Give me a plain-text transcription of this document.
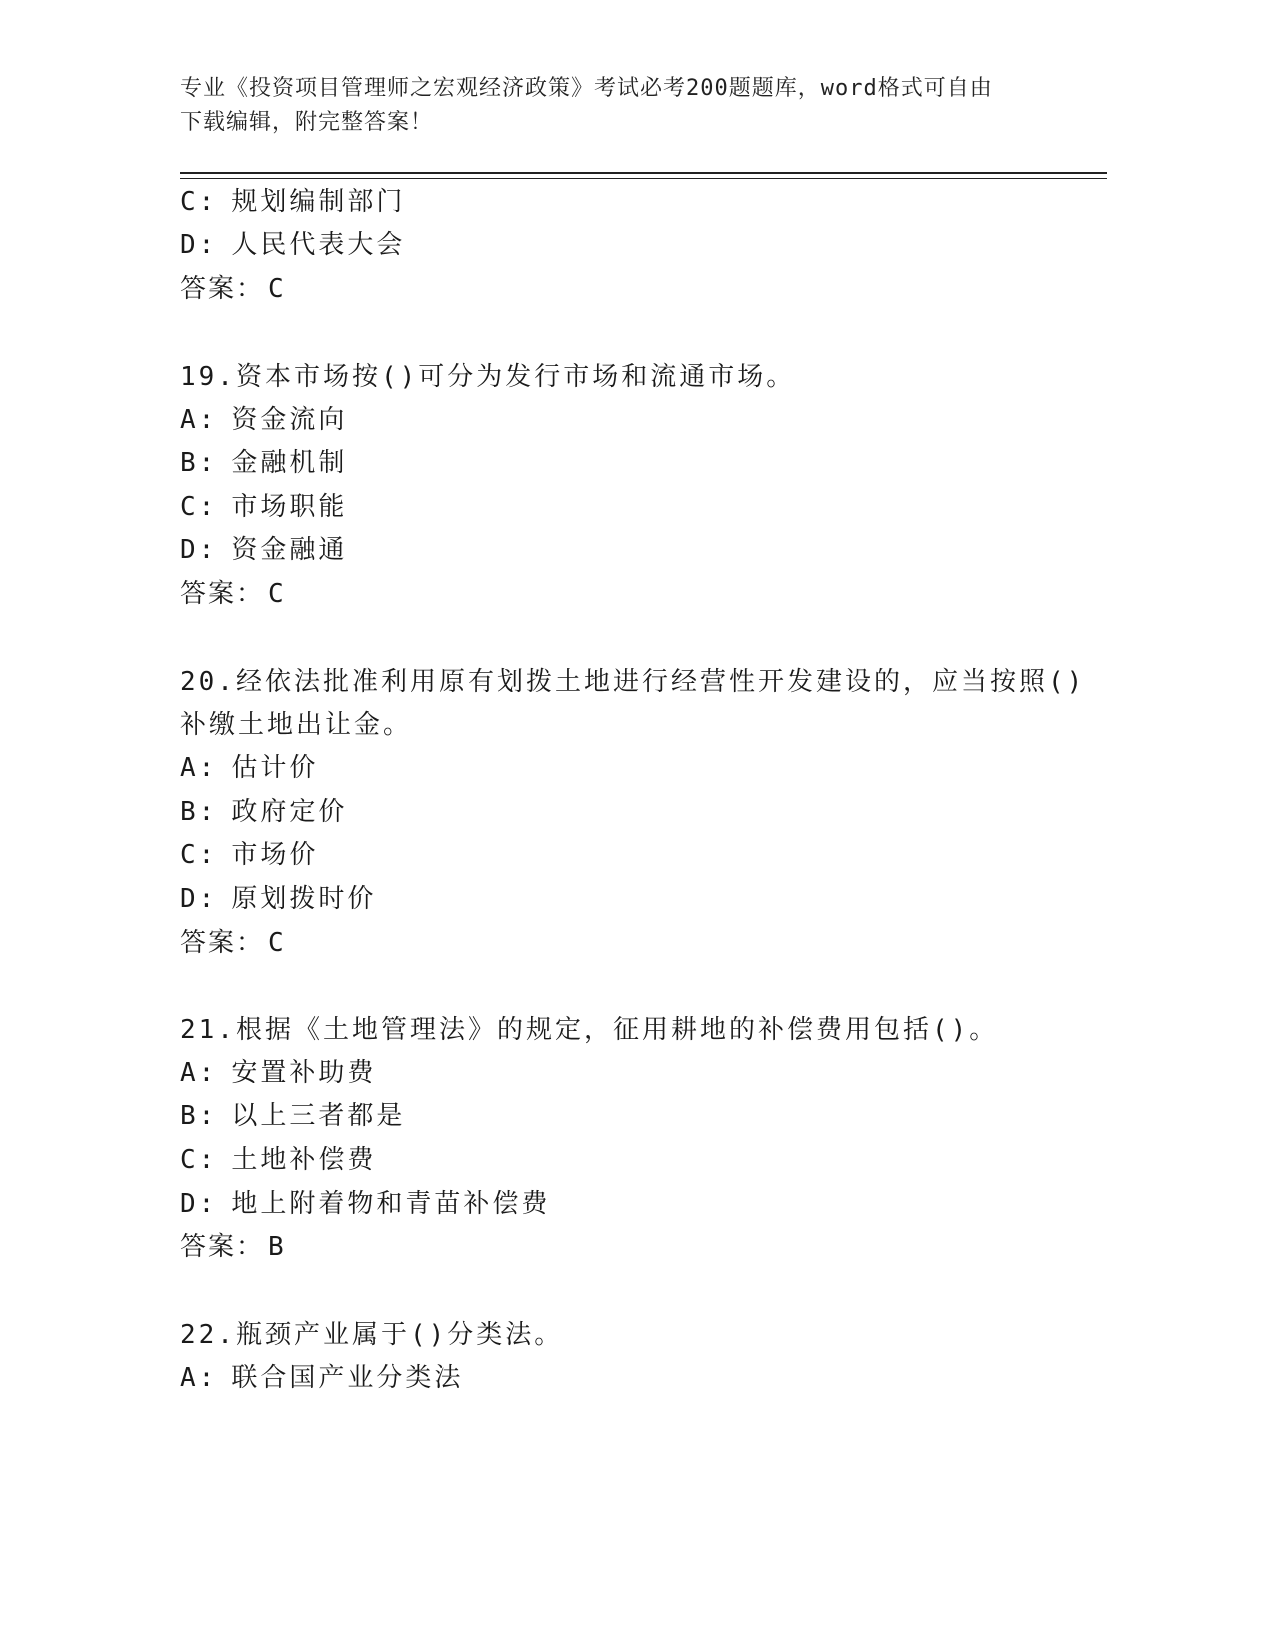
专业《投资项目管理师之宏观经济政策》考试必考200题题库，word格式可自由
下载编辑，附完整答案！
C: 规划编制部门
D: 人民代表大会
答案： C
19.资本市场按()可分为发行市场和流通市场。
A: 资金流向
B: 金融机制
C: 市场职能
D: 资金融通
答案： C
20.经依法批准利用原有划拨土地进行经营性开发建设的，应当按照()
补缴土地出让金。
A: 估计价
B: 政府定价
C: 市场价
D: 原划拨时价
答案： C
21.根据《土地管理法》的规定，征用耕地的补偿费用包括()。
A: 安置补助费
B: 以上三者都是
C: 土地补偿费
D: 地上附着物和青苗补偿费
答案： B
22.瓶颈产业属于()分类法。
A: 联合国产业分类法
